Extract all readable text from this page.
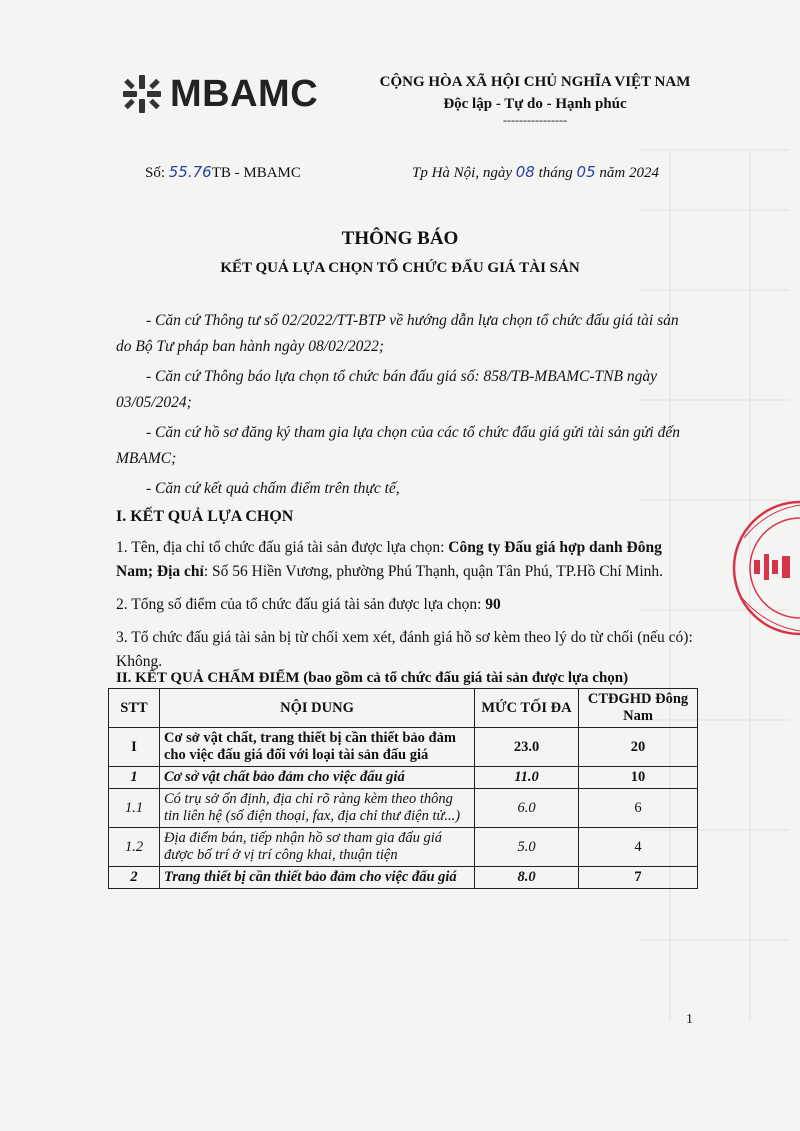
MBAMC	CỘNG HÒA XÃ HỘI CHỦ NGHĨA VIỆT NAM
Độc lập - Tự do - Hạnh phúc
----------------
Số: 55.76TB - MBAMC	Tp Hà Nội, ngày 08 tháng 05 năm 2024
THÔNG BÁO
KẾT QUẢ LỰA CHỌN TỔ CHỨC ĐẤU GIÁ TÀI SẢN

- Căn cứ Thông tư số 02/2022/TT-BTP về hướng dẫn lựa chọn tổ chức đấu giá tài sản do Bộ Tư pháp ban hành ngày 08/02/2022;

- Căn cứ Thông báo lựa chọn tổ chức bán đấu giá số: 858/TB-MBAMC-TNB ngày 03/05/2024;

- Căn cứ hồ sơ đăng ký tham gia lựa chọn của các tổ chức đấu giá gửi tài sản gửi đến MBAMC;

- Căn cứ kết quả chấm điểm trên thực tế,

I. KẾT QUẢ LỰA CHỌN

1. Tên, địa chỉ tổ chức đấu giá tài sản được lựa chọn: Công ty Đấu giá hợp danh Đông Nam; Địa chỉ: Số 56 Hiền Vương, phường Phú Thạnh, quận Tân Phú, TP.Hồ Chí Minh.

2. Tổng số điểm của tổ chức đấu giá tài sản được lựa chọn: 90

3. Tổ chức đấu giá tài sản bị từ chối xem xét, đánh giá hồ sơ kèm theo lý do từ chối (nếu có): Không.

II. KẾT QUẢ CHẤM ĐIỂM (bao gồm cả tổ chức đấu giá tài sản được lựa chọn)
STT	NỘI DUNG	MỨC TỐI ĐA	CTĐGHD Đông Nam
I	Cơ sở vật chất, trang thiết bị cần thiết bảo đảm cho việc đấu giá đối với loại tài sản đấu giá	23.0	20
1	Cơ sở vật chất bảo đảm cho việc đấu giá	11.0	10
1.1	Có trụ sở ổn định, địa chỉ rõ ràng kèm theo thông tin liên hệ (số điện thoại, fax, địa chỉ thư điện tử...)	6.0	6
1.2	Địa điểm bán, tiếp nhận hồ sơ tham gia đấu giá được bố trí ở vị trí công khai, thuận tiện	5.0	4
2	Trang thiết bị cần thiết bảo đảm cho việc đấu giá	8.0	7
1
